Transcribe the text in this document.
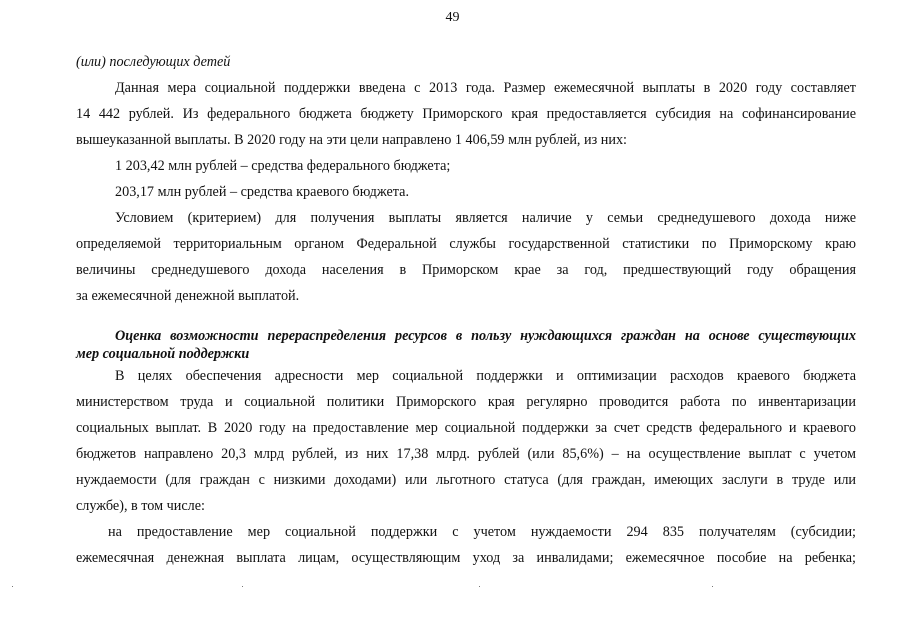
49
(или) последующих детей
Данная мера социальной поддержки введена с 2013 года. Размер ежемесячной выплаты в 2020 году составляет
14 442 рублей. Из федерального бюджета бюджету Приморского края предоставляется субсидия на софинансирование
вышеуказанной выплаты. В 2020 году на эти цели направлено 1 406,59 млн рублей, из них:
1 203,42 млн рублей – средства федерального бюджета;
203,17 млн рублей – средства краевого бюджета.
Условием (критерием) для получения выплаты является наличие у семьи среднедушевого дохода ниже
определяемой территориальным органом Федеральной службы государственной статистики по Приморскому краю
величины среднедушевого дохода населения в Приморском крае за год, предшествующий году обращения
за ежемесячной денежной выплатой.
Оценка возможности перераспределения ресурсов в пользу нуждающихся граждан на основе существующих
мер социальной поддержки
В целях обеспечения адресности мер социальной поддержки и оптимизации расходов краевого бюджета
министерством труда и социальной политики Приморского края регулярно проводится работа по инвентаризации
социальных выплат. В 2020 году на предоставление мер социальной поддержки за счет средств федерального и краевого
бюджетов направлено 20,3 млрд рублей, из них 17,38 млрд. рублей (или 85,6%) – на осуществление выплат с учетом
нуждаемости (для граждан с низкими доходами) или льготного статуса (для граждан, имеющих заслуги в труде или
службе), в том числе:
на предоставление мер социальной поддержки с учетом нуждаемости 294 835 получателям (субсидии;
ежемесячная денежная выплата лицам, осуществляющим уход за инвалидами; ежемесячное пособие на ребенка;
